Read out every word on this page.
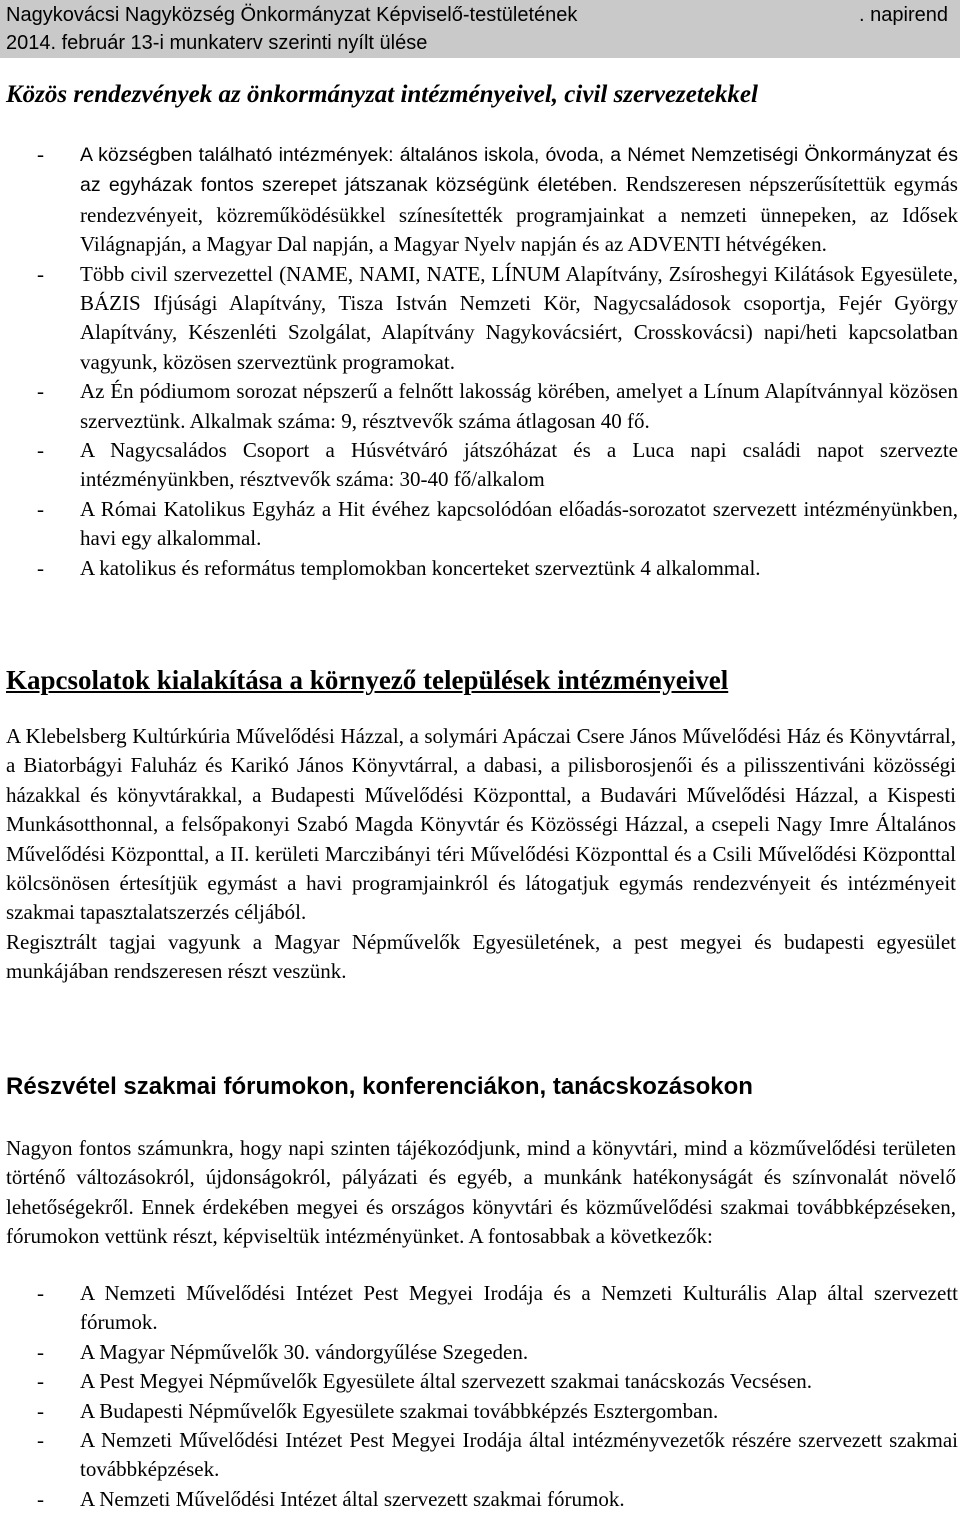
Nagykovácsi Nagyközség Önkormányzat Képviselő-testületének	. napirend
2014. február 13-i munkaterv szerinti nyílt ülése
Közös rendezvények az önkormányzat intézményeivel, civil szervezetekkel

- A községben található intézmények: általános iskola, óvoda, a Német Nemzetiségi Önkormányzat és az egyházak fontos szerepet játszanak községünk életében. Rendszeresen népszerűsítettük egymás rendezvényeit, közreműködésükkel színesítették programjainkat a nemzeti ünnepeken, az Idősek Világnapján, a Magyar Dal napján, a Magyar Nyelv napján és az ADVENTI hétvégéken.

- Több civil szervezettel (NAME, NAMI, NATE, LÍNUM Alapítvány, Zsíroshegyi Kilátások Egyesülete, BÁZIS Ifjúsági Alapítvány, Tisza István Nemzeti Kör, Nagycsaládosok csoportja, Fejér György Alapítvány, Készenléti Szolgálat, Alapítvány Nagykovácsiért, Crosskovácsi) napi/heti kapcsolatban vagyunk, közösen szerveztünk programokat.

- Az Én pódiumom sorozat népszerű a felnőtt lakosság körében, amelyet a Línum Alapítvánnyal közösen szerveztünk. Alkalmak száma: 9, résztvevők száma átlagosan 40 fő.

- A Nagycsaládos Csoport a Húsvétváró játszóházat és a Luca napi családi napot szervezte intézményünkben, résztvevők száma: 30-40 fő/alkalom

- A Római Katolikus Egyház a Hit évéhez kapcsolódóan előadás-sorozatot szervezett intézményünkben, havi egy alkalommal.

- A katolikus és református templomokban koncerteket szerveztünk 4 alkalommal.

Kapcsolatok kialakítása a környező települések intézményeivel

A Klebelsberg Kultúrkúria Művelődési Házzal, a solymári Apáczai Csere János Művelődési Ház és Könyvtárral, a Biatorbágyi Faluház és Karikó János Könyvtárral, a dabasi, a pilisborosjenői és a pilisszentiváni közösségi házakkal és könyvtárakkal, a Budapesti Művelődési Központtal, a Budavári Művelődési Házzal, a Kispesti Munkásotthonnal, a felsőpakonyi Szabó Magda Könyvtár és Közösségi Házzal, a csepeli Nagy Imre Általános Művelődési Központtal, a II. kerületi Marczibányi téri Művelődési Központtal és a Csili Művelődési Központtal kölcsönösen értesítjük egymást a havi programjainkról és látogatjuk egymás rendezvényeit és intézményeit szakmai tapasztalatszerzés céljából.

Regisztrált tagjai vagyunk a Magyar Népművelők Egyesületének, a pest megyei és budapesti egyesület munkájában rendszeresen részt veszünk.

Részvétel szakmai fórumokon, konferenciákon, tanácskozásokon

Nagyon fontos számunkra, hogy napi szinten tájékozódjunk, mind a könyvtári, mind a közművelődési területen történő változásokról, újdonságokról, pályázati és egyéb, a munkánk hatékonyságát és színvonalát növelő lehetőségekről. Ennek érdekében megyei és országos könyvtári és közművelődési szakmai továbbképzéseken, fórumokon vettünk részt, képviseltük intézményünket. A fontosabbak a következők:

- A Nemzeti Művelődési Intézet Pest Megyei Irodája és a Nemzeti Kulturális Alap által szervezett fórumok.

- A Magyar Népművelők 30. vándorgyűlése Szegeden.

- A Pest Megyei Népművelők Egyesülete által szervezett szakmai tanácskozás Vecsésen.

- A Budapesti Népművelők Egyesülete szakmai továbbképzés Esztergomban.

- A Nemzeti Művelődési Intézet Pest Megyei Irodája által intézményvezetők részére szervezett szakmai továbbképzések.

- A Nemzeti Művelődési Intézet által szervezett szakmai fórumok.
